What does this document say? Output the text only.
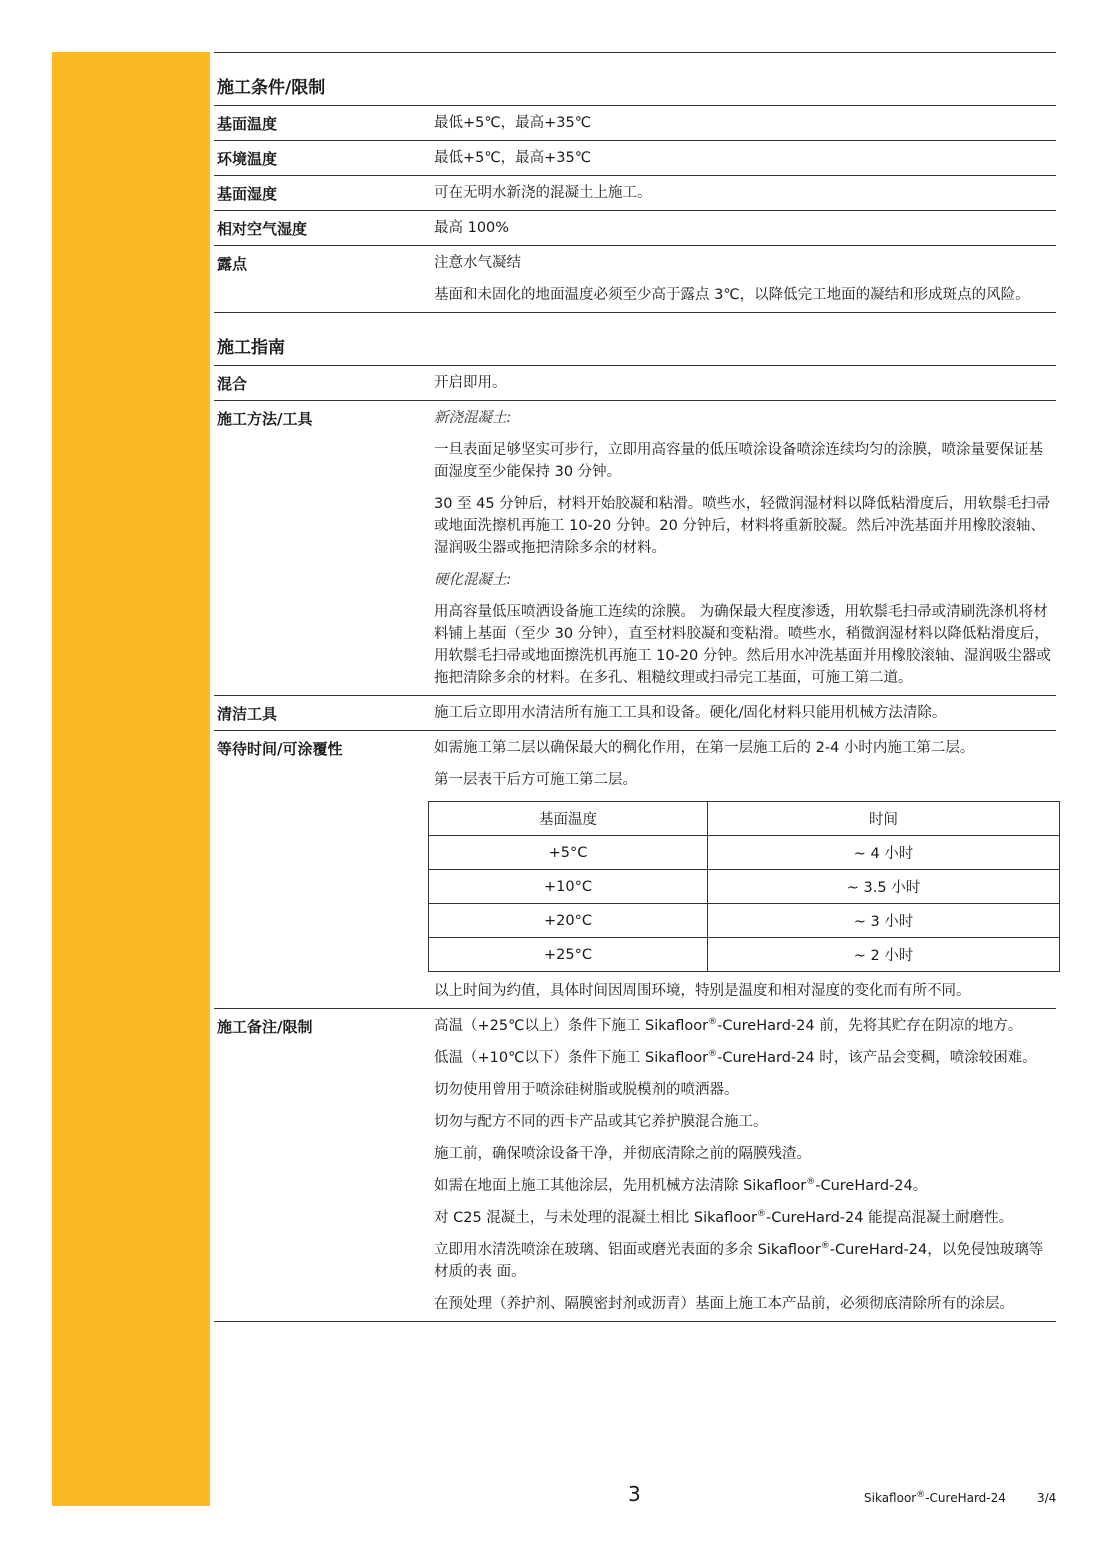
施工条件/限制
基面温度	最低+5℃，最高+35℃
环境温度	最低+5℃，最高+35℃
基面湿度	可在无明水新浇的混凝土上施工。
相对空气湿度	最高 100%
露点	注意水气凝结
基面和未固化的地面温度必须至少高于露点 3℃，以降低完工地面的凝结和形成斑点的风险。
施工指南
混合	开启即用。
施工方法/工具	新浇混凝土:
一旦表面足够坚实可步行，立即用高容量的低压喷涂设备喷涂连续均匀的涂膜，喷涂量要保证基面湿度至少能保持 30 分钟。
30 至 45 分钟后，材料开始胶凝和粘滑。喷些水，轻微润湿材料以降低粘滑度后，用软鬃毛扫帚或地面洗擦机再施工 10-20 分钟。20 分钟后，材料将重新胶凝。然后冲洗基面并用橡胶滚轴、湿润吸尘器或拖把清除多余的材料。
硬化混凝土:
用高容量低压喷洒设备施工连续的涂膜。 为确保最大程度渗透，用软鬃毛扫帚或清刷洗涤机将材料铺上基面（至少 30 分钟），直至材料胶凝和变粘滑。喷些水，稍微润湿材料以降低粘滑度后，用软鬃毛扫帚或地面擦洗机再施工 10-20 分钟。然后用水冲洗基面并用橡胶滚轴、湿润吸尘器或拖把清除多余的材料。在多孔、粗糙纹理或扫帚完工基面，可施工第二道。
清洁工具	施工后立即用水清洁所有施工工具和设备。硬化/固化材料只能用机械方法清除。
等待时间/可涂覆性	如需施工第二层以确保最大的稠化作用，在第一层施工后的 2-4 小时内施工第二层。
第一层表干后方可施工第二层。
基面温度	时间
+5°C	~ 4 小时
+10°C	~ 3.5 小时
+20°C	~ 3 小时
+25°C	~ 2 小时
以上时间为约值，具体时间因周围环境，特别是温度和相对湿度的变化而有所不同。
施工备注/限制	高温（+25℃以上）条件下施工 Sikafloor®-CureHard-24 前，先将其贮存在阴凉的地方。
低温（+10℃以下）条件下施工 Sikafloor®-CureHard-24 时，该产品会变稠，喷涂较困难。
切勿使用曾用于喷涂硅树脂或脱模剂的喷洒器。
切勿与配方不同的西卡产品或其它养护膜混合施工。
施工前，确保喷涂设备干净，并彻底清除之前的隔膜残渣。
如需在地面上施工其他涂层，先用机械方法清除 Sikafloor®-CureHard-24。
对 C25 混凝土，与未处理的混凝土相比 Sikafloor®-CureHard-24 能提高混凝土耐磨性。
立即用水清洗喷涂在玻璃、铝面或磨光表面的多余 Sikafloor®-CureHard-24，以免侵蚀玻璃等材质的表 面。
在预处理（养护剂、隔膜密封剂或沥青）基面上施工本产品前，必须彻底清除所有的涂层。
3	Sikafloor®-CureHard-24	3/4
